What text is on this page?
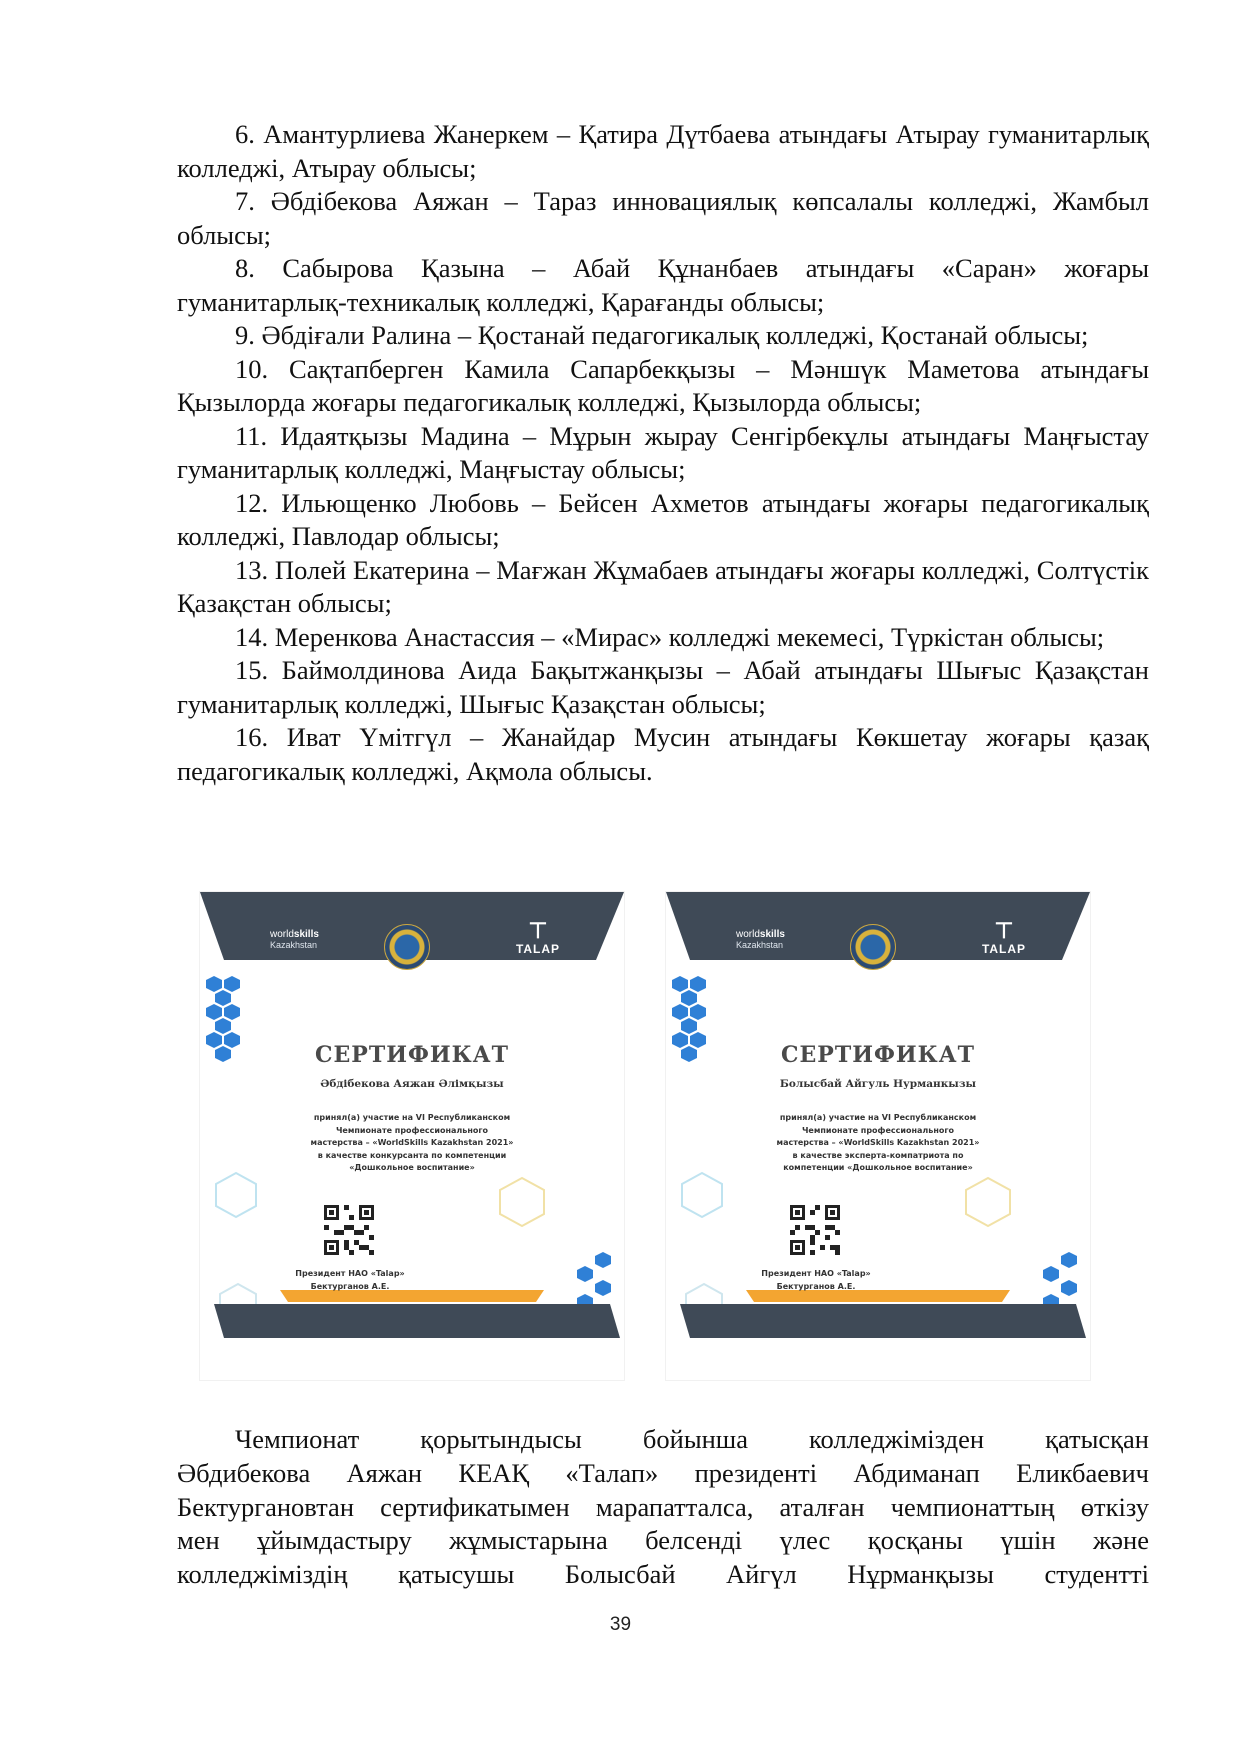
6. Амантурлиева Жанеркем – Қатира Дүтбаева атындағы Атырау гуманитарлық колледжі, Атырау облысы;

7. Әбдібекова Аяжан – Тараз инновациялық көпсалалы колледжі, Жамбыл облысы;

8. Сабырова Қазына – Абай Құнанбаев атындағы «Саран» жоғары гуманитарлық-техникалық колледжі, Қарағанды облысы;

9. Әбдіғали Ралина – Қостанай педагогикалық колледжі, Қостанай облысы;

10. Сақтапберген Камила Сапарбекқызы – Мәншүк Маметова атындағы Қызылорда жоғары педагогикалық колледжі, Қызылорда облысы;

11. Идаятқызы Мадина – Мұрын жырау Сенгірбекұлы атындағы Маңғыстау гуманитарлық колледжі, Маңғыстау облысы;

12. Ильющенко Любовь – Бейсен Ахметов атындағы жоғары педагогикалық колледжі, Павлодар облысы;

13. Полей Екатерина – Мағжан Жұмабаев атындағы жоғары колледжі, Солтүстік Қазақстан облысы;

14. Меренкова Анастассия – «Мирас» колледжі мекемесі, Түркістан облысы;

15. Баймолдинова Аида Бақытжанқызы – Абай атындағы Шығыс Қазақстан гуманитарлық колледжі, Шығыс Қазақстан облысы;

16. Иват Үмітгүл – Жанайдар Мусин атындағы Көкшетау жоғары қазақ педагогикалық колледжі, Ақмола облысы.

worldskills
Kazakhstan
⊤
TALAP
СЕРТИФИКАТ
Әбдібекова Аяжан Әлімқызы
принял(а) участие на VI Республиканском
Чемпионате профессионального
мастерства – «WorldSkills Kazakhstan 2021»
в качестве конкурсанта по компетенции
«Дошкольное воспитание»
Президент НАО «Talap»
Бектурганов А.Е.
worldskills
Kazakhstan
⊤
TALAP
СЕРТИФИКАТ
Болысбай Айгуль Нурманкызы
принял(а) участие на VI Республиканском
Чемпионате профессионального
мастерства – «WorldSkills Kazakhstan 2021»
в качестве эксперта-компатриота по
компетенции «Дошкольное воспитание»
Президент НАО «Talap»
Бектурганов А.Е.

Чемпионат қорытындысы бойынша колледжімізден қатысқан
Әбдибекова Аяжан КЕАҚ «Талап» президенті Абдиманап Еликбаевич
Бектургановтан сертификатымен марапатталса, аталған чемпионаттың өткізу
мен ұйымдастыру жұмыстарына белсенді үлес қосқаны үшін және
колледжіміздің қатысушы Болысбай Айгүл Нұрманқызы студентті

39
